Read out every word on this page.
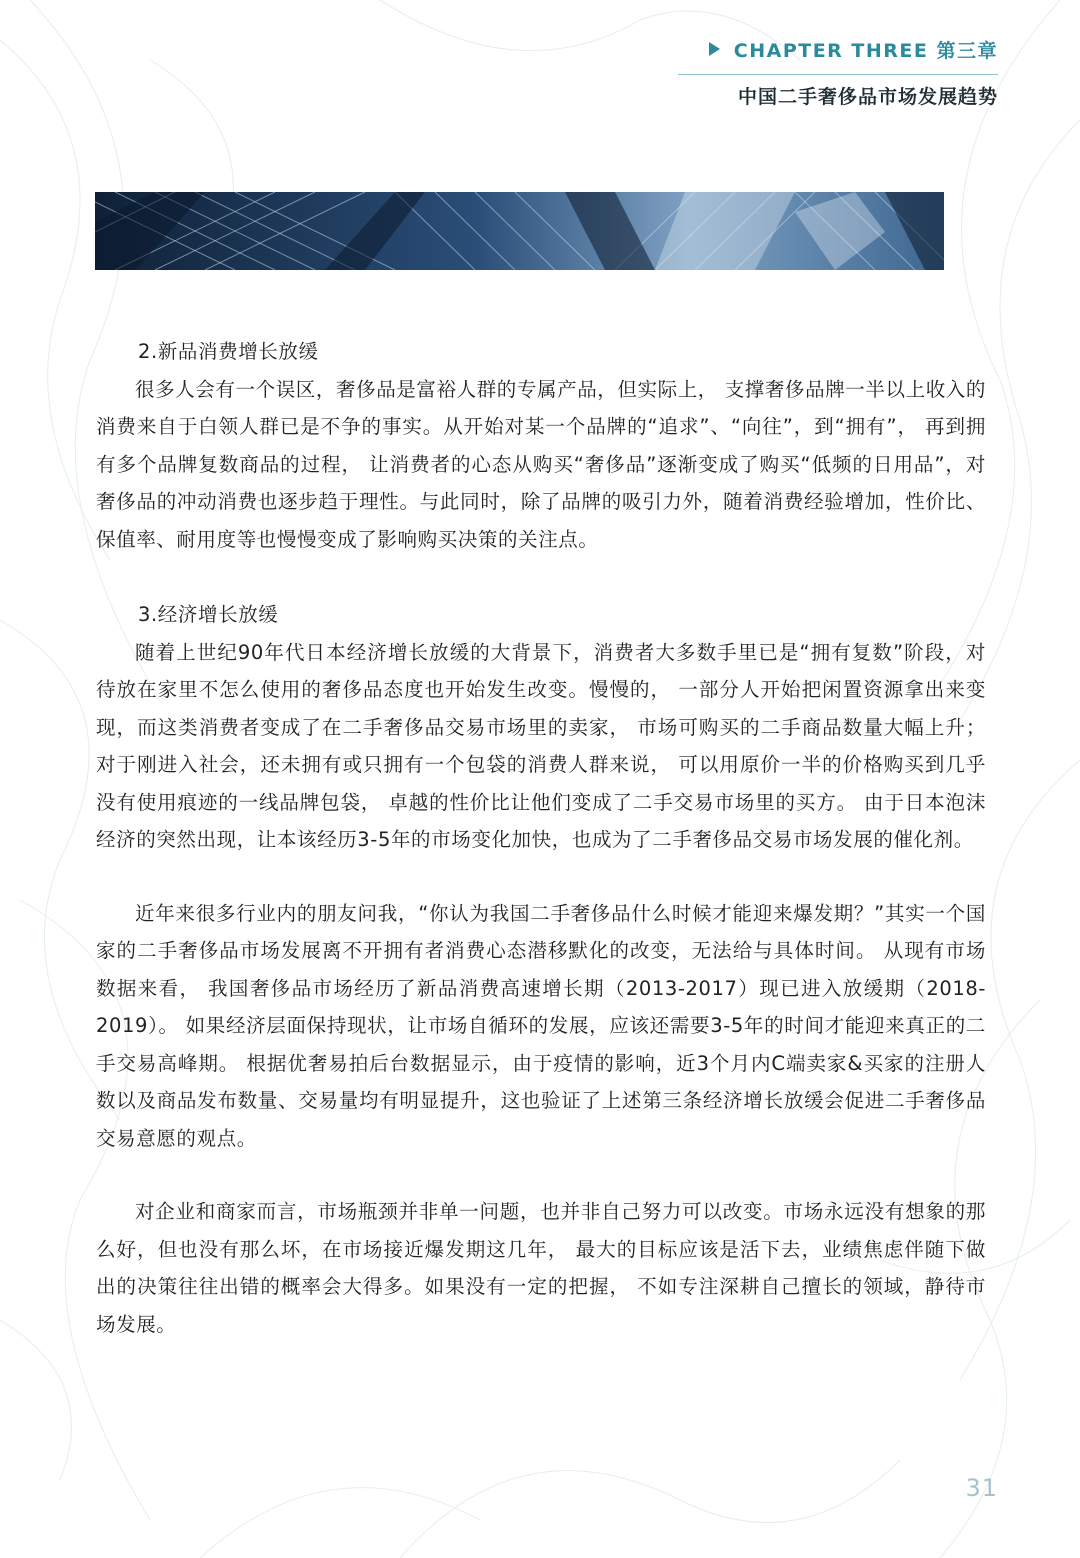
CHAPTER THREE 第三章
中国二手奢侈品市场发展趋势
2.新品消费增长放缓

很多人会有一个误区，奢侈品是富裕人群的专属产品，但实际上， 支撑奢侈品牌一半以上收入的消费来自于白领人群已是不争的事实。从开始对某一个品牌的“追求”、“向往”，到“拥有”， 再到拥有多个品牌复数商品的过程， 让消费者的心态从购买“奢侈品”逐渐变成了购买“低频的日用品”，对奢侈品的冲动消费也逐步趋于理性。与此同时，除了品牌的吸引力外，随着消费经验增加，性价比、保值率、耐用度等也慢慢变成了影响购买决策的关注点。

3.经济增长放缓

随着上世纪90年代日本经济增长放缓的大背景下，消费者大多数手里已是“拥有复数”阶段，对待放在家里不怎么使用的奢侈品态度也开始发生改变。慢慢的， 一部分人开始把闲置资源拿出来变现，而这类消费者变成了在二手奢侈品交易市场里的卖家， 市场可购买的二手商品数量大幅上升；对于刚进入社会，还未拥有或只拥有一个包袋的消费人群来说， 可以用原价一半的价格购买到几乎没有使用痕迹的一线品牌包袋， 卓越的性价比让他们变成了二手交易市场里的买方。 由于日本泡沫经济的突然出现，让本该经历3-5年的市场变化加快，也成为了二手奢侈品交易市场发展的催化剂。

近年来很多行业内的朋友问我，“你认为我国二手奢侈品什么时候才能迎来爆发期？”其实一个国家的二手奢侈品市场发展离不开拥有者消费心态潜移默化的改变，无法给与具体时间。 从现有市场数据来看， 我国奢侈品市场经历了新品消费高速增长期（2013-2017）现已进入放缓期（2018-2019）。 如果经济层面保持现状，让市场自循环的发展，应该还需要3-5年的时间才能迎来真正的二手交易高峰期。 根据优奢易拍后台数据显示，由于疫情的影响，近3个月内C端卖家&买家的注册人数以及商品发布数量、交易量均有明显提升，这也验证了上述第三条经济增长放缓会促进二手奢侈品交易意愿的观点。

对企业和商家而言，市场瓶颈并非单一问题，也并非自己努力可以改变。市场永远没有想象的那么好，但也没有那么坏，在市场接近爆发期这几年， 最大的目标应该是活下去，业绩焦虑伴随下做出的决策往往出错的概率会大得多。如果没有一定的把握， 不如专注深耕自己擅长的领域，静待市场发展。

31
